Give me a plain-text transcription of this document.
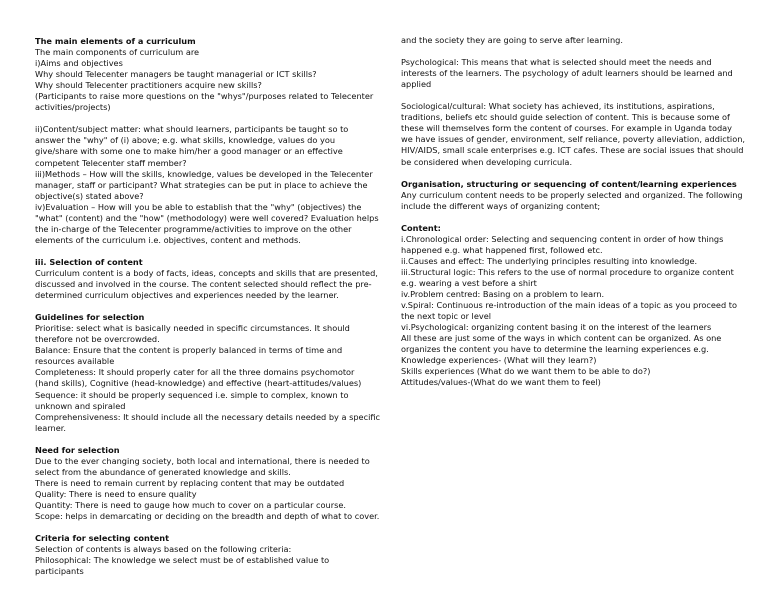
The main elements of a curriculum

The main components of curriculum are

i)Aims and objectives

Why should Telecenter managers be taught managerial or ICT skills?

Why should Telecenter practitioners acquire new skills?

(Participants to raise more questions on the "whys"/purposes related to Telecenter activities/projects)

ii)Content/subject matter: what should learners, participants be taught so to answer the "why" of (i) above; e.g. what skills, knowledge, values do you give/share with some one to make him/her a good manager or an effective competent Telecenter staff member?

iii)Methods – How will the skills, knowledge, values be developed in the Telecenter manager, staff or participant? What strategies can be put in place to achieve the objective(s) stated above?

iv)Evaluation – How will you be able to establish that the "why" (objectives) the "what" (content) and the "how" (methodology) were well covered? Evaluation helps the in-charge of the Telecenter programme/activities to improve on the other elements of the curriculum i.e. objectives, content and methods.

iii. Selection of content

Curriculum content is a body of facts, ideas, concepts and skills that are presented, discussed and involved in the course. The content selected should reflect the pre-determined curriculum objectives and experiences needed by the learner.

Guidelines for selection

Prioritise: select what is basically needed in specific circumstances. It should therefore not be overcrowded.

Balance: Ensure that the content is properly balanced in terms of time and resources available

Completeness: It should properly cater for all the three domains psychomotor (hand skills), Cognitive (head-knowledge) and effective (heart-attitudes/values)

Sequence: it should be properly sequenced i.e. simple to complex, known to unknown and spiraled

Comprehensiveness: It should include all the necessary details needed by a specific learner.

Need for selection

Due to the ever changing society, both local and international, there is needed to select from the abundance of generated knowledge and skills.

There is need to remain current by replacing content that may be outdated

Quality: There is need to ensure quality

Quantity: There is need to gauge how much to cover on a particular course.

Scope: helps in demarcating or deciding on the breadth and depth of what to cover.

Criteria for selecting content

Selection of contents is always based on the following criteria:

Philosophical: The knowledge we select must be of established value to participants

and the society they are going to serve after learning.

Psychological: This means that what is selected should meet the needs and interests of the learners. The psychology of adult learners should be learned and applied

Sociological/cultural: What society has achieved, its institutions, aspirations, traditions, beliefs etc should guide selection of content. This is because some of these will themselves form the content of courses. For example in Uganda today we have issues of gender, environment, self reliance, poverty alleviation, addiction, HIV/AIDS, small scale enterprises e.g. ICT cafes. These are social issues that should be considered when developing curricula.

Organisation, structuring or sequencing of content/learning experiences

Any curriculum content needs to be properly selected and organized. The following include the different ways of organizing content;

Content:

i.Chronological order: Selecting and sequencing content in order of how things happened e.g. what happened first, followed etc.

ii.Causes and effect: The underlying principles resulting into knowledge.

iii.Structural logic: This refers to the use of normal procedure to organize content e.g. wearing a vest before a shirt

iv.Problem centred: Basing on a problem to learn.

v.Spiral: Continuous re-introduction of the main ideas of a topic as you proceed to the next topic or level

vi.Psychological: organizing content basing it on the interest of the learners

All these are just some of the ways in which content can be organized. As one organizes the content you have to determine the learning experiences e.g.

Knowledge experiences- (What will they learn?)

Skills experiences (What do we want them to be able to do?)

Attitudes/values-(What do we want them to feel)
